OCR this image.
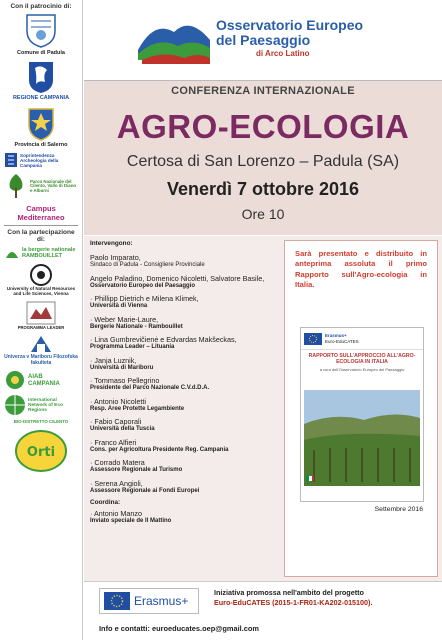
Con il patrocinio di:
Comune di Padula
REGIONE CAMPANIA
Provincia di Salerno
Soprintendenza Archeologia della Campania
Parco Nazionale del Cilento, Vallo di Diano e Alburni
Campus Mediterraneo
Con la partecipazione di:
la bergerie nationale RAMBOUILLET
University of Natural Resources and Life Sciences, Vienna
PROGRAMMA LEADER
Univerza v Mariboru Filozofska fakulteta
AIAB CAMPANIA
International Network of Eco Regions
BIO-DISTRETTO CILENTO
Orti
Osservatorio Europeo
del Paesaggio
di Arco Latino
CONFERENZA INTERNAZIONALE
AGRO-ECOLOGIA
Certosa di San Lorenzo – Padula (SA)
Venerdì 7 ottobre 2016
Ore 10
Intervengono:
Paolo Imparato,
Sindaco di Padula - Consigliere Provinciale
Angelo Paladino, Domenico Nicoletti, Salvatore Basile,
Osservatorio Europeo del Paesaggio
· Phillipp Dietrich e Milena Klimek,
Università di Vienna
· Weber Marie-Laure,
Bergerie Nationale - Rambouillet
· Lina Gumbrevičienė e Edvardas Makšeckas,
Programma Leader – Lituania
· Janja Luznik,
Università di Mariboru
· Tommaso Pellegrino
Presidente del Parco Nazionale C.V.d.D.A.
· Antonio Nicoletti
Resp. Aree Protette Legambiente
· Fabio Caporali
Università della Tuscia
· Franco Alfieri
Cons. per Agricoltura Presidente Reg. Campania
· Corrado Matera
Assessore Regionale al Turismo
· Serena Angioli,
Assessore Regionale ai Fondi Europei
Coordina:
· Antonio Manzo
Inviato speciale de Il Mattino
Sarà presentato e distribuito in anteprima assoluta il primo Rapporto sull'Agro-ecologia in Italia.
Erasmus+
Euro-EduCATES
RAPPORTO SULL'APPROCCIO ALL'AGRO-ECOLOGIA IN ITALIA
a cura dell'Osservatorio Europeo del Paesaggio
Settembre 2016
Erasmus+
Iniziativa promossa nell'ambito del progetto
Euro-EduCATES (2015-1-FR01-KA202-015100).
Info e contatti: euroeducates.oep@gmail.com
